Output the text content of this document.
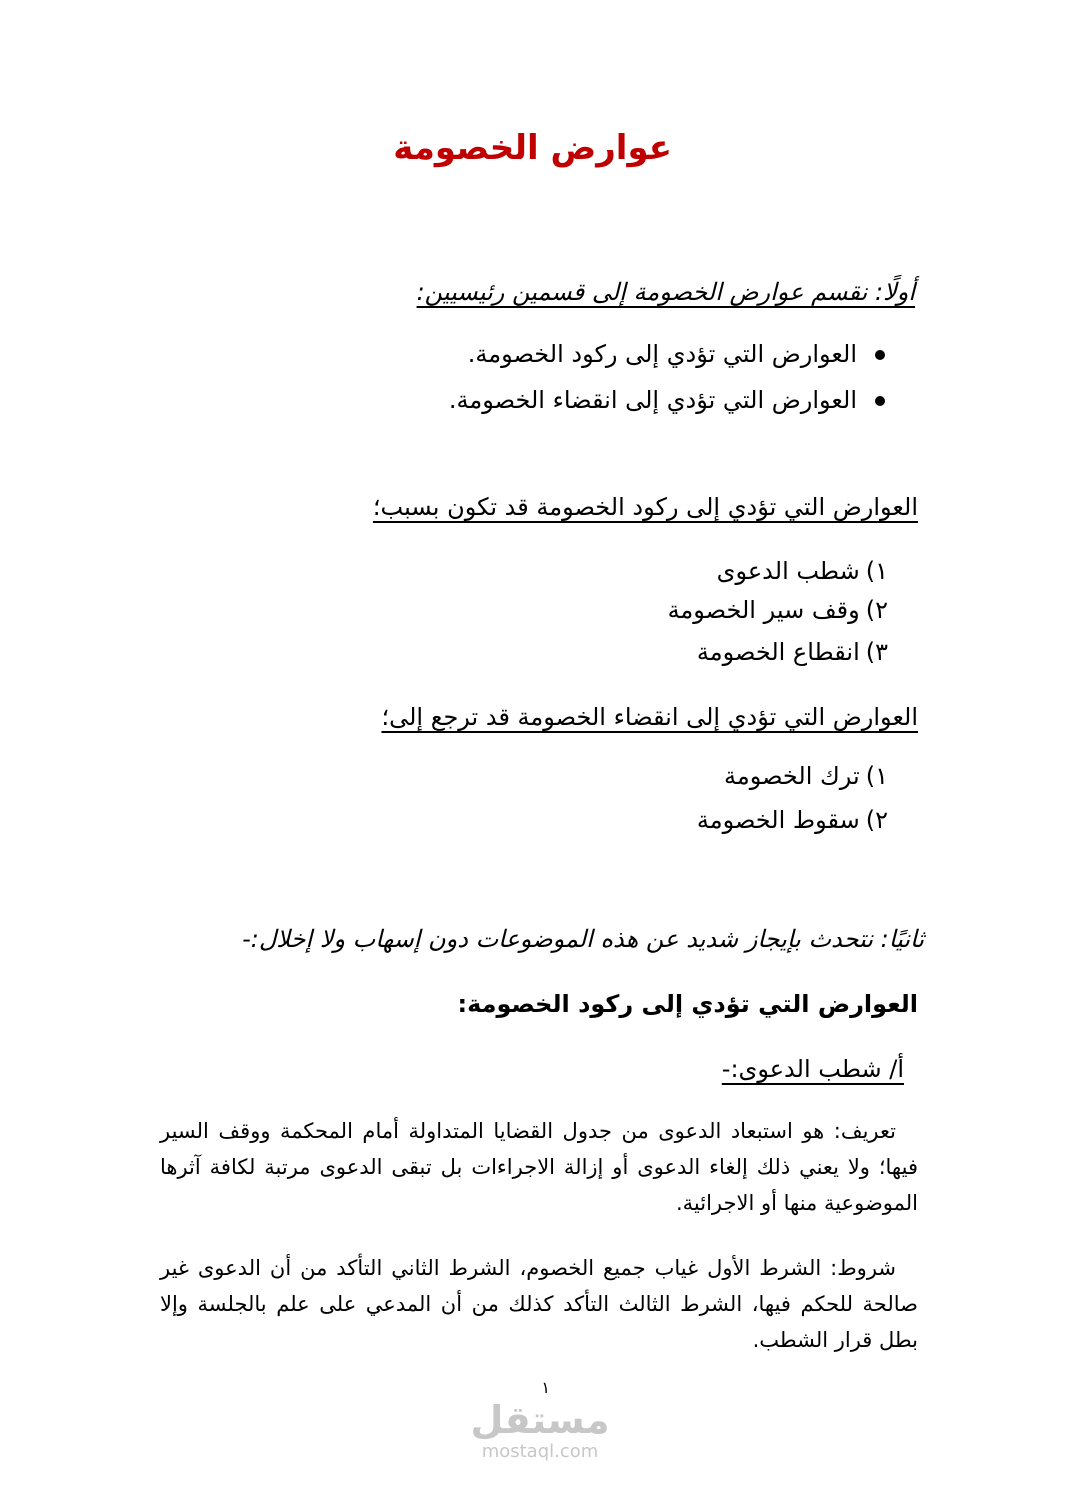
عوارض الخصومة

أولًا: نقسم عوارض الخصومة إلى قسمين رئيسيين:

العوارض التي تؤدي إلى ركود الخصومة.
العوارض التي تؤدي إلى انقضاء الخصومة.

العوارض التي تؤدي إلى ركود الخصومة قد تكون بسبب؛

١)شطب الدعوى
٢)وقف سير الخصومة
٣)انقطاع الخصومة

العوارض التي تؤدي إلى انقضاء الخصومة قد ترجع إلى؛

١)ترك الخصومة
٢)سقوط الخصومة

ثانيًا: نتحدث بإيجاز شديد عن هذه الموضوعات دون إسهاب ولا إخلال:-

العوارض التي تؤدي إلى ركود الخصومة:

أ/ شطب الدعوى:-

تعريف: هو استبعاد الدعوى من جدول القضايا المتداولة أمام المحكمة ووقف السير فيها؛ ولا يعني ذلك إلغاء الدعوى أو إزالة الاجراءات بل تبقى الدعوى مرتبة لكافة آثرها الموضوعية منها أو الاجرائية.

شروط: الشرط الأول غياب جميع الخصوم، الشرط الثاني التأكد من أن الدعوى غير صالحة للحكم فيها، الشرط الثالث التأكد كذلك من أن المدعي على علم بالجلسة وإلا بطل قرار الشطب.

١

مستقل
mostaql.com
